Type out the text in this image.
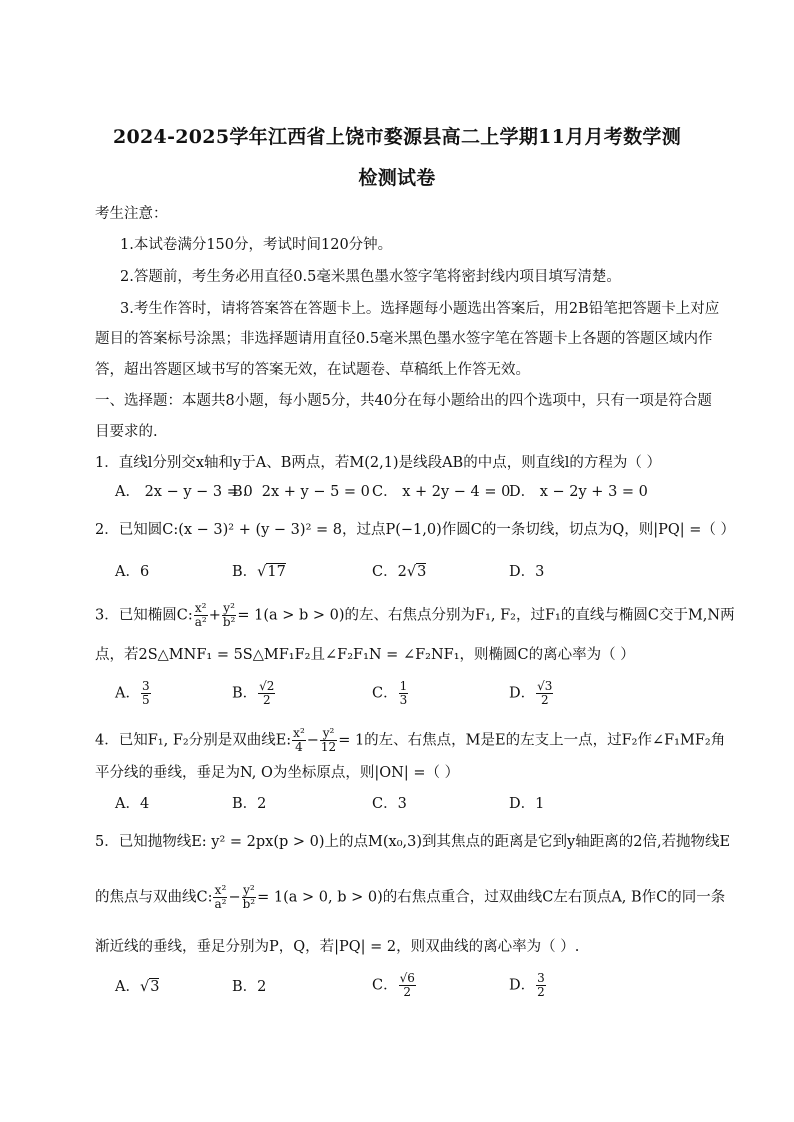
2024-2025学年江西省上饶市婺源县高二上学期11月月考数学测
检测试卷
考生注意：
1.本试卷满分150分，考试时间120分钟。
2.答题前，考生务必用直径0.5毫米黑色墨水签字笔将密封线内项目填写清楚。
3.考生作答时，请将答案答在答题卡上。选择题每小题选出答案后，用2B铅笔把答题卡上对应
题目的答案标号涂黑；非选择题请用直径0.5毫米黑色墨水签字笔在答题卡上各题的答题区域内作
答，超出答题区域书写的答案无效，在试题卷、草稿纸上作答无效。
一、选择题：本题共8小题，每小题5分，共40分在每小题给出的四个选项中，只有一项是符合题
目要求的.
1．直线l分别交x轴和y于A、B两点，若M(2,1)是线段AB的中点，则直线l的方程为（ ）
A． 2x − y − 3 = 0
B． 2x + y − 5 = 0 C． x + 2y − 4 = 0
D． x − 2y + 3 = 0
2．已知圆C:(x − 3)² + (y − 3)² = 8，过点P(−1,0)作圆C的一条切线，切点为Q，则|PQ| =（ ）
A．6	B．√17	C．2√3	D．3
3．已知椭圆C: $\frac{\text{x²}}{\text{a²}} + \frac{\text{y²}}{\text{b²}} = 1(a > b > 0)$的左、右焦点分别为F₁, F₂，过F₁的直线与椭圆C交于M,N两
点，若2S△MNF₁ = 5S△MF₁F₂且∠F₂F₁N = ∠F₂NF₁，则椭圆C的离心率为（ ）
A． $\frac{3}{5}$	B． $\frac{√2}{2}$	C． $\frac{1}{3}$	D． $\frac{√3}{2}$
4．已知F₁, F₂分别是双曲线E: $\frac{\text{x²}}{4} - \frac{\text{y²}}{12} = 1$的左、右焦点，M是E的左支上一点，过F₂作∠F₁MF₂角
平分线的垂线，垂足为N, O为坐标原点，则|ON| =（ ）
A．4	B．2	C．3	D．1
5．已知抛物线E: y² = 2px(p > 0)上的点M(x₀,3)到其焦点的距离是它到y轴距离的2倍,若抛物线E
的焦点与双曲线C: $\frac{\text{x²}}{\text{a²}} - \frac{\text{y²}}{\text{b²}} = 1(a > 0$, b > 0)的右焦点重合，过双曲线C左右顶点A, B作C的同一条
渐近线的垂线，垂足分别为P，Q，若|PQ| = 2，则双曲线的离心率为（ ）.
A．√3	B．2	C． $\frac{√6}{2}$	D． $\frac{3}{2}$
